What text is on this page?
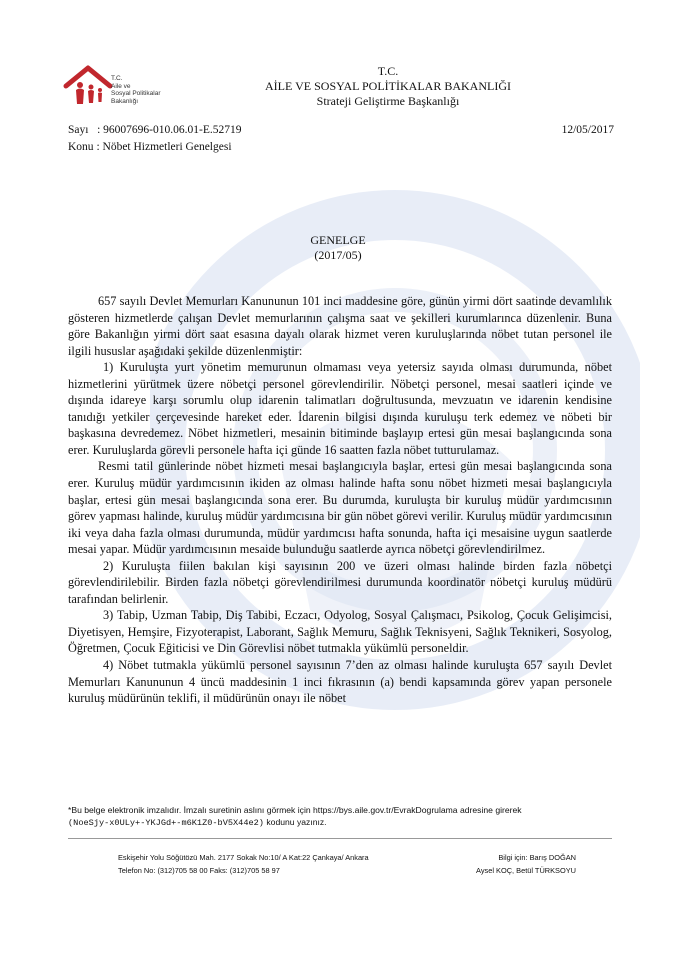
T.C.
Aile ve
Sosyal Politikalar
Bakanlığı
T.C.
AİLE VE SOSYAL POLİTİKALAR BAKANLIĞI
Strateji Geliştirme Başkanlığı
Sayı   : 96007696-010.06.01-E.52719	12/05/2017
Konu : Nöbet Hizmetleri Genelgesi
GENELGE
(2017/05)

657 sayılı Devlet Memurları Kanununun 101 inci maddesine göre, günün yirmi dört saatinde devamlılık gösteren hizmetlerde çalışan Devlet memurlarının çalışma saat ve şekilleri kurumlarınca düzenlenir. Buna göre Bakanlığın yirmi dört saat esasına dayalı olarak hizmet veren kuruluşlarında nöbet tutan personel ile ilgili hususlar aşağıdaki şekilde düzenlenmiştir:

1) Kuruluşta yurt yönetim memurunun olmaması veya yetersiz sayıda olması durumunda, nöbet hizmetlerini yürütmek üzere nöbetçi personel görevlendirilir. Nöbetçi personel, mesai saatleri içinde ve dışında idareye karşı sorumlu olup idarenin talimatları doğrultusunda, mevzuatın ve idarenin kendisine tanıdığı yetkiler çerçevesinde hareket eder. İdarenin bilgisi dışında kuruluşu terk edemez ve nöbeti bir başkasına devredemez. Nöbet hizmetleri, mesainin bitiminde başlayıp ertesi gün mesai başlangıcında sona erer. Kuruluşlarda görevli personele hafta içi günde 16 saatten fazla nöbet tutturulamaz.

Resmi tatil günlerinde nöbet hizmeti mesai başlangıcıyla başlar, ertesi gün mesai başlangıcında sona erer. Kuruluş müdür yardımcısının ikiden az olması halinde hafta sonu nöbet hizmeti mesai başlangıcıyla başlar, ertesi gün mesai başlangıcında sona erer. Bu durumda, kuruluşta bir kuruluş müdür yardımcısının görev yapması halinde, kuruluş müdür yardımcısına bir gün nöbet görevi verilir. Kuruluş müdür yardımcısının iki veya daha fazla olması durumunda, müdür yardımcısı hafta sonunda, hafta içi mesaisine uygun saatlerde mesai yapar. Müdür yardımcısının mesaide bulunduğu saatlerde ayrıca nöbetçi görevlendirilmez.

2) Kuruluşta fiilen bakılan kişi sayısının 200 ve üzeri olması halinde birden fazla nöbetçi görevlendirilebilir. Birden fazla nöbetçi görevlendirilmesi durumunda koordinatör nöbetçi kuruluş müdürü tarafından belirlenir.

3) Tabip, Uzman Tabip, Diş Tabibi, Eczacı, Odyolog, Sosyal Çalışmacı, Psikolog, Çocuk Gelişimcisi, Diyetisyen, Hemşire, Fizyoterapist, Laborant, Sağlık Memuru, Sağlık Teknisyeni, Sağlık Teknikeri, Sosyolog, Öğretmen, Çocuk Eğiticisi ve Din Görevlisi nöbet tutmakla yükümlü personeldir.

4) Nöbet tutmakla yükümlü personel sayısının 7’den az olması halinde kuruluşta 657 sayılı Devlet Memurları Kanununun 4 üncü maddesinin 1 inci fıkrasının (a) bendi kapsamında görev yapan personele kuruluş müdürünün teklifi, il müdürünün onayı ile nöbet

*Bu belge elektronik imzalıdır. İmzalı suretinin aslını görmek için https://bys.aile.gov.tr/EvrakDogrulama adresine girerek
(NoeSjy-x0ULy+-YKJGd+-m6K1Z0-bV5X44e2) kodunu yazınız.
Eskişehir Yolu Söğütözü Mah. 2177 Sokak No:10/ A Kat:22 Çankaya/ Ankara
Telefon No: (312)705 58 00 Faks: (312)705 58 97
Bilgi için: Barış DOĞAN
Aysel KOÇ, Betül TÜRKSOYU
